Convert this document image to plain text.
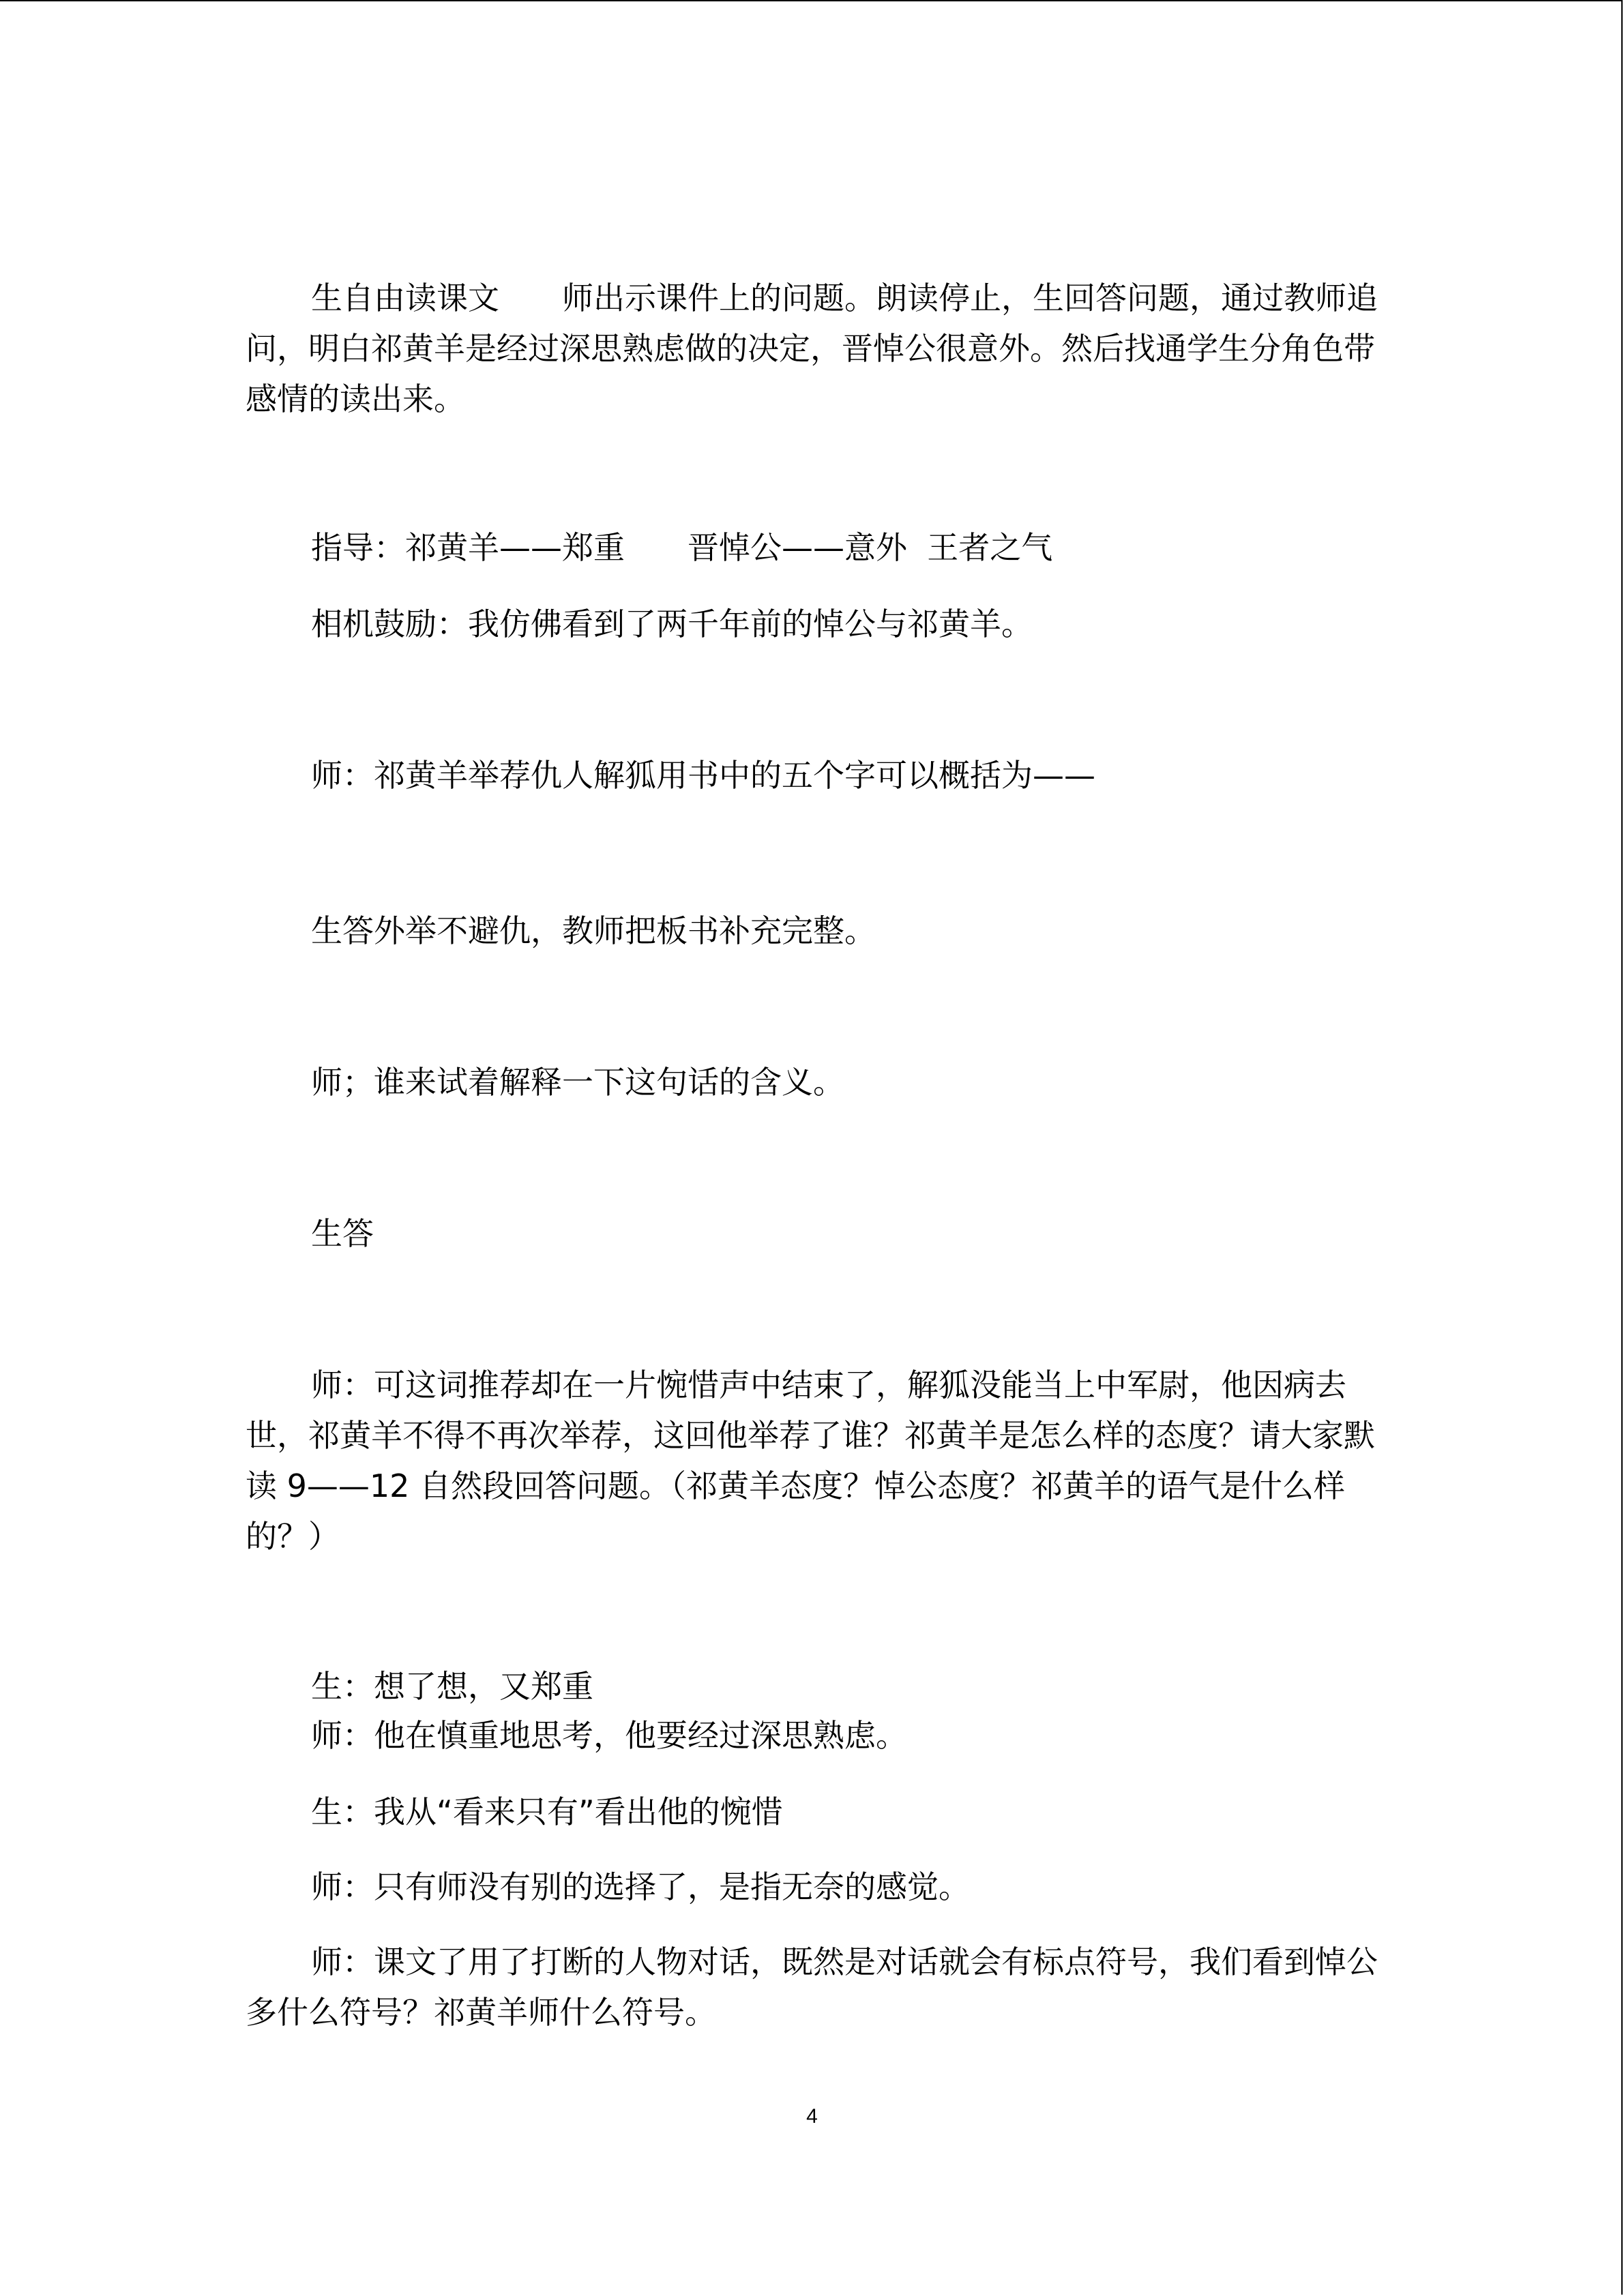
生自由读课文　　师出示课件上的问题。朗读停止，生回答问题，通过教师追问，明白祁黄羊是经过深思熟虑做的决定，晋悼公很意外。然后找通学生分角色带感情的读出来。

指导：祁黄羊——郑重　　晋悼公——意外  王者之气

相机鼓励：我仿佛看到了两千年前的悼公与祁黄羊。

师：祁黄羊举荐仇人解狐用书中的五个字可以概括为——

生答外举不避仇，教师把板书补充完整。

师；谁来试着解释一下这句话的含义。

生答

师：可这词推荐却在一片惋惜声中结束了，解狐没能当上中军尉，他因病去世，祁黄羊不得不再次举荐，这回他举荐了谁？祁黄羊是怎么样的态度？请大家默读 9——12 自然段回答问题。（祁黄羊态度？悼公态度？祁黄羊的语气是什么样的？）

生：想了想，又郑重

师：他在慎重地思考，他要经过深思熟虑。

生：我从“看来只有”看出他的惋惜

师：只有师没有别的选择了，是指无奈的感觉。

师：课文了用了打断的人物对话，既然是对话就会有标点符号，我们看到悼公多什么符号？祁黄羊师什么符号。

4
